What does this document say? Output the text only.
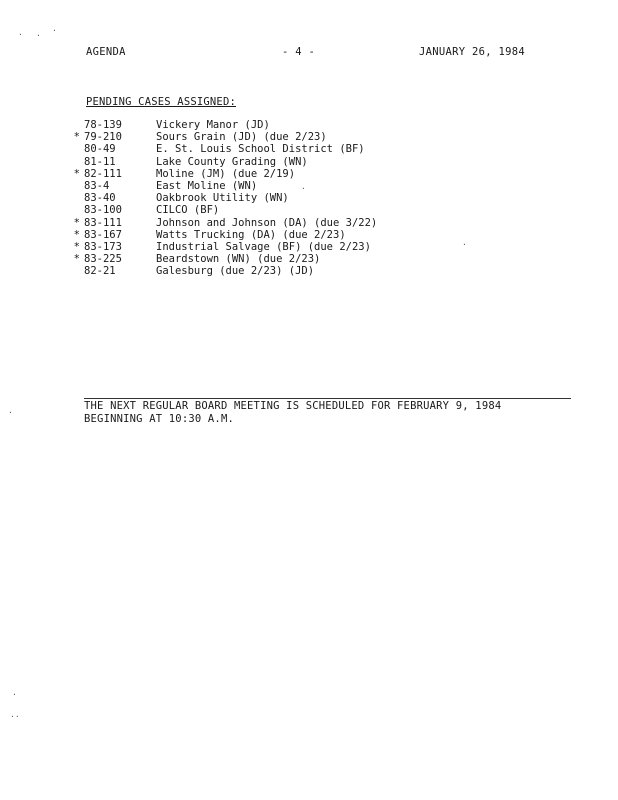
AGENDA	- 4 -	JANUARY 26, 1984
PENDING CASES ASSIGNED:
78-139	Vickery Manor (JD)
* 79-210	Sours Grain (JD) (due 2/23)
80-49	E. St. Louis School District (BF)
81-11	Lake County Grading (WN)
* 82-111	Moline (JM) (due 2/19)
83-4	East Moline (WN)
83-40	Oakbrook Utility (WN)
83-100	CILCO (BF)
* 83-111	Johnson and Johnson (DA) (due 3/22)
* 83-167	Watts Trucking (DA) (due 2/23)
* 83-173	Industrial Salvage (BF) (due 2/23)
* 83-225	Beardstown (WN) (due 2/23)
82-21	Galesburg (due 2/23) (JD)
THE NEXT REGULAR BOARD MEETING IS SCHEDULED FOR FEBRUARY 9, 1984
BEGINNING AT 10:30 A.M.
· ·
·
·
·
··
·
·
